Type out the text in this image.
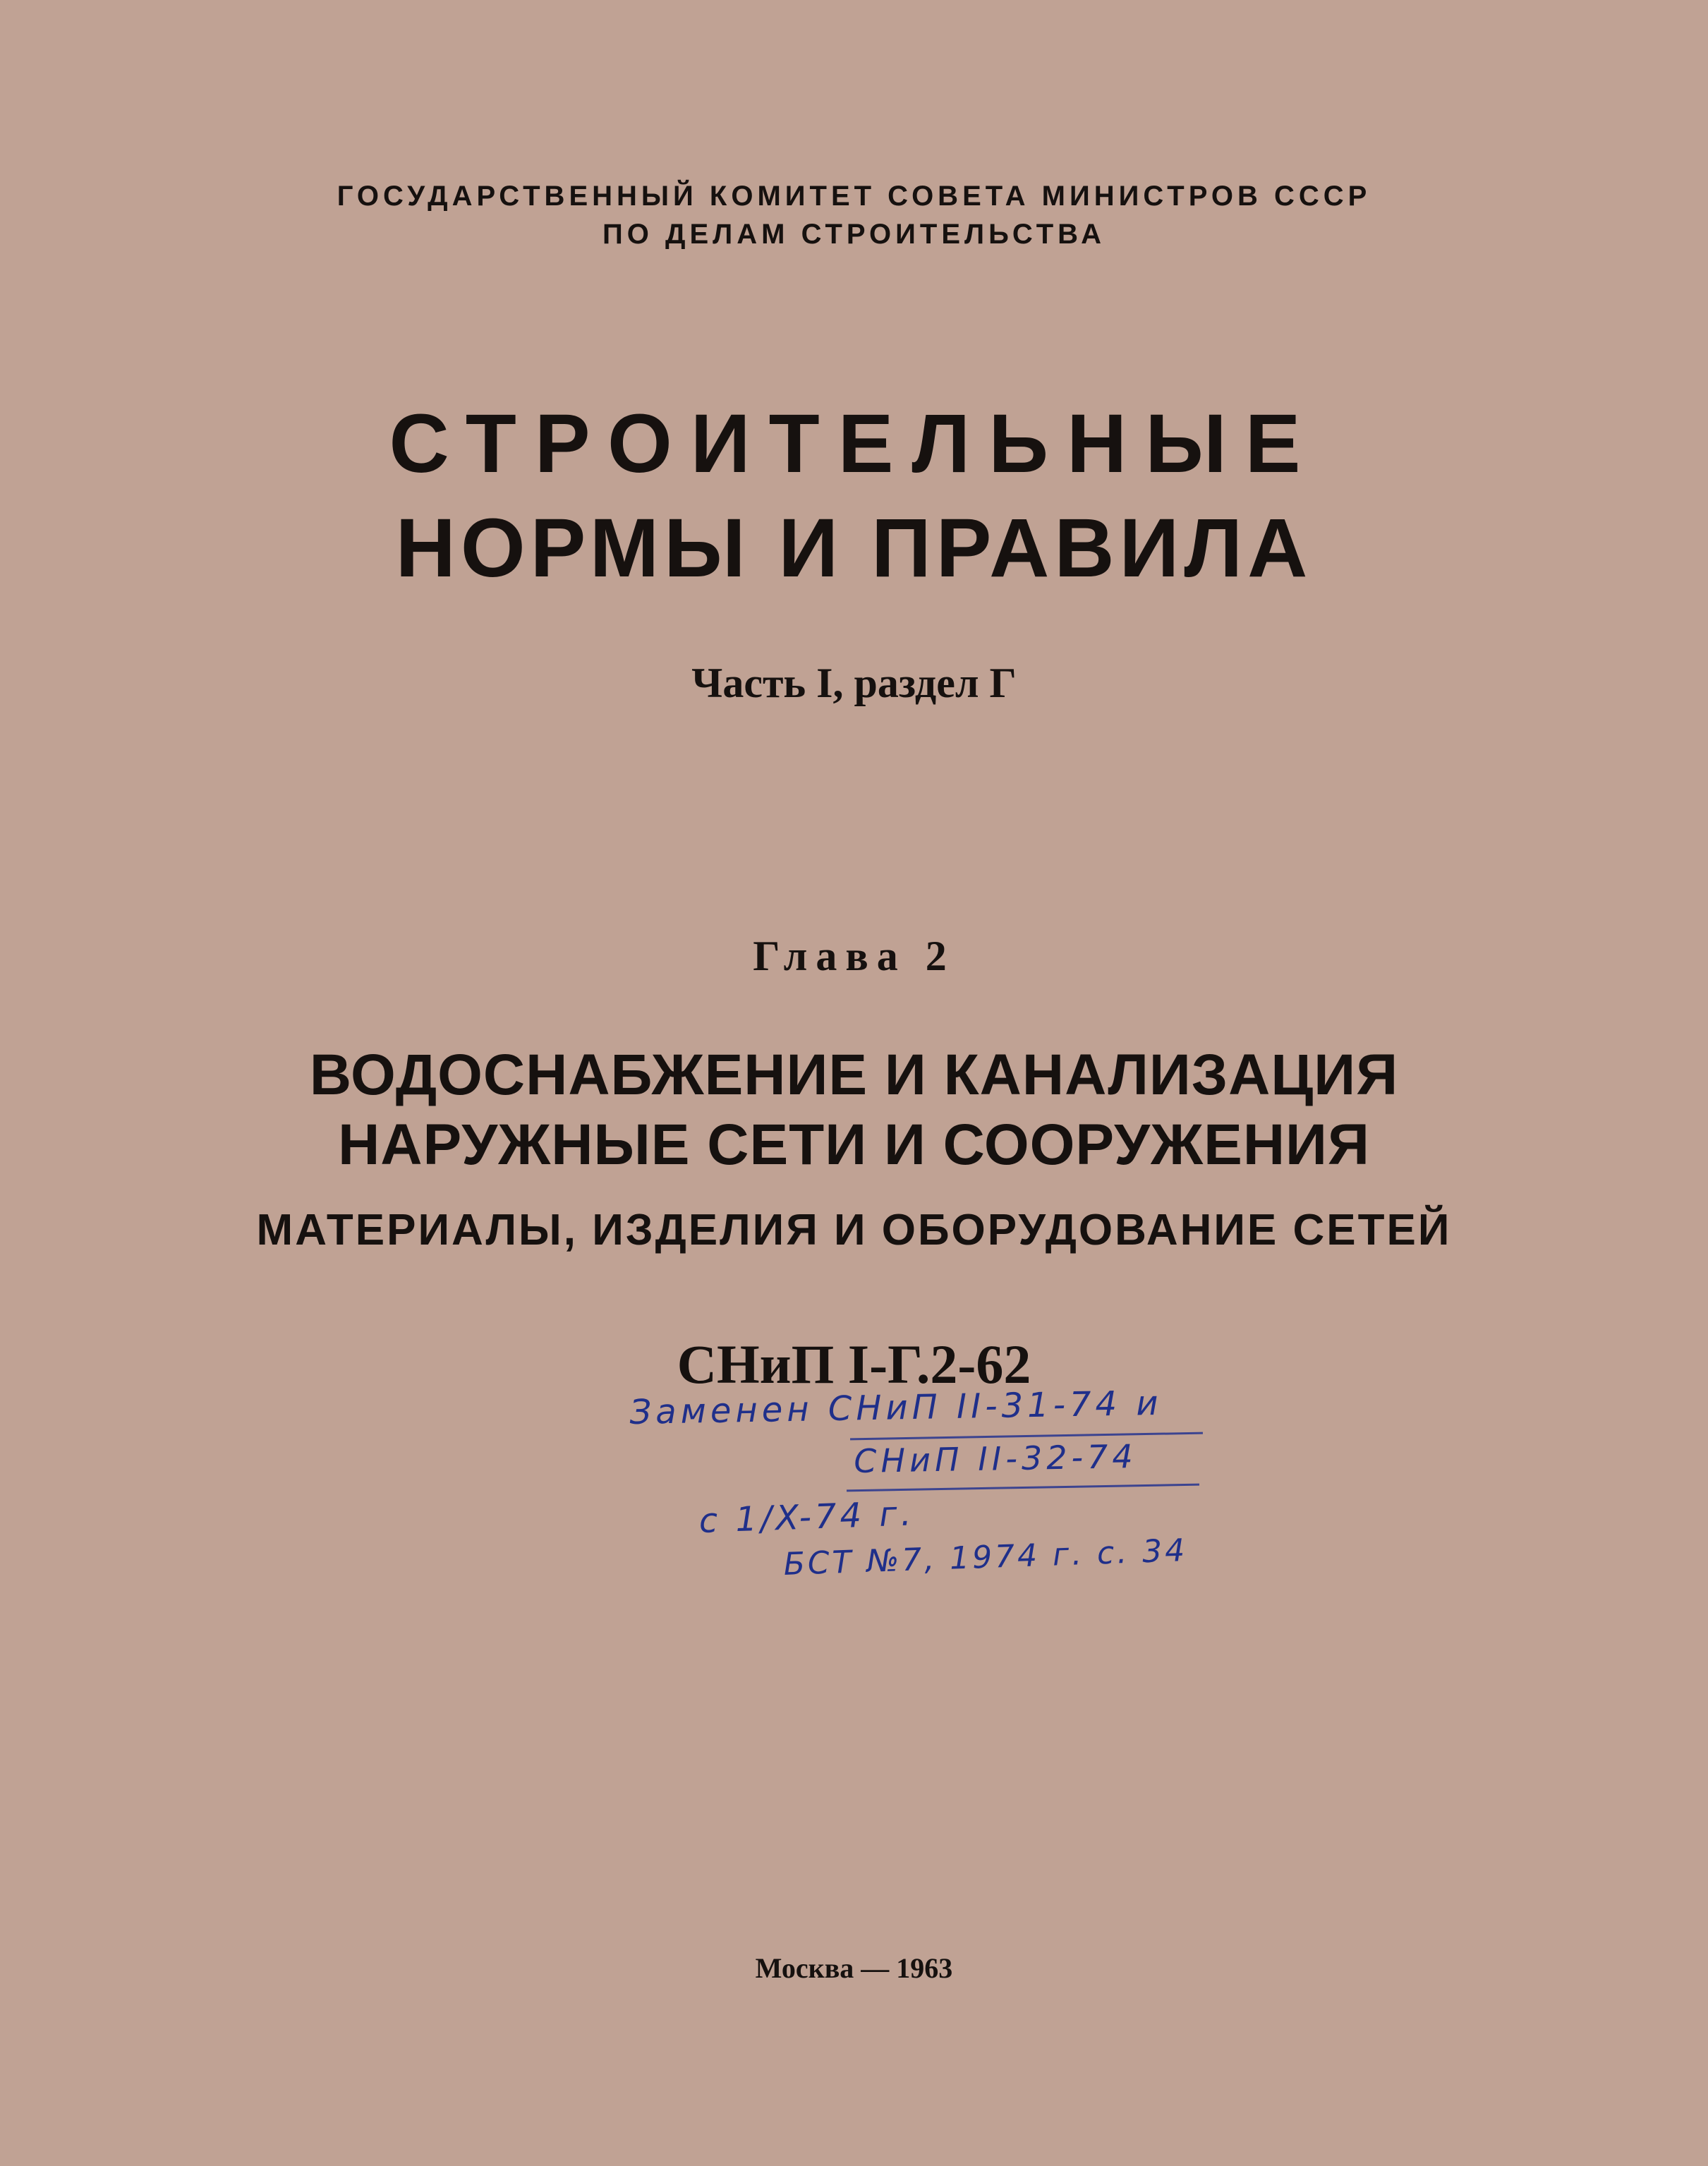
ГОСУДАРСТВЕННЫЙ КОМИТЕТ СОВЕТА МИНИСТРОВ СССР
ПО ДЕЛАМ СТРОИТЕЛЬСТВА
СТРОИТЕЛЬНЫЕ
НОРМЫ И ПРАВИЛА
Часть I, раздел Г
Глава 2
ВОДОСНАБЖЕНИЕ И КАНАЛИЗАЦИЯ
НАРУЖНЫЕ СЕТИ И СООРУЖЕНИЯ
МАТЕРИАЛЫ, ИЗДЕЛИЯ И ОБОРУДОВАНИЕ СЕТЕЙ
СНиП I-Г.2-62
Заменен СНиП II-31-74 и
СНиП II-32-74
с 1/X-74 г.
БСТ №7, 1974 г. с. 34
Москва — 1963
